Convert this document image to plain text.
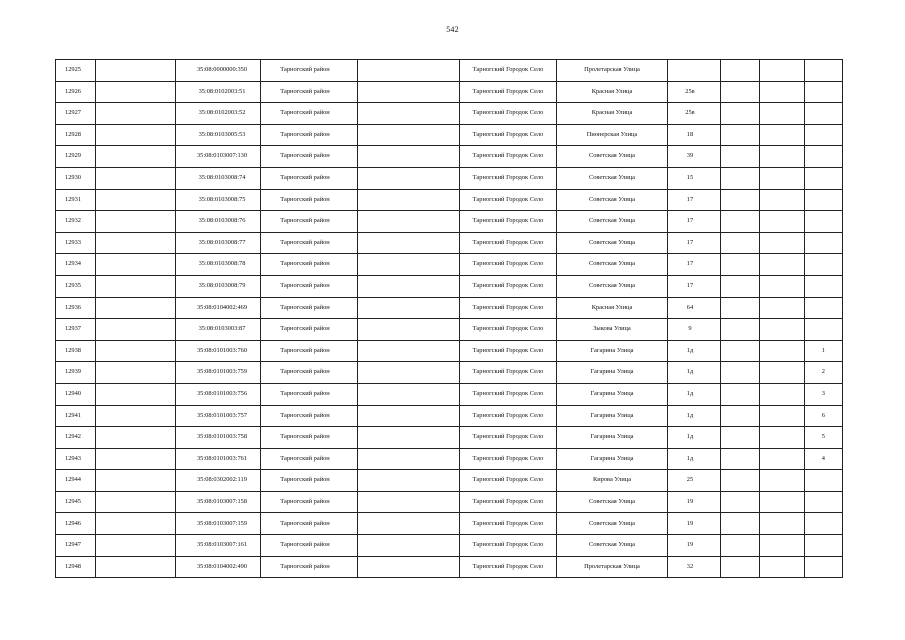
542
12925		35:08:0000000:350	Тарногский район		Тарногский Городок Село	Пролетарская Улица				
12926		35:08:0102003:51	Тарногский район		Тарногский Городок Село	Красная Улица	25в			
12927		35:08:0102003:52	Тарногский район		Тарногский Городок Село	Красная Улица	25в			
12928		35:08:0103005:53	Тарногский район		Тарногский Городок Село	Пионерская Улица	18			
12929		35:08:0103007:130	Тарногский район		Тарногский Городок Село	Советская Улица	39			
12930		35:08:0103008:74	Тарногский район		Тарногский Городок Село	Советская Улица	15			
12931		35:08:0103008:75	Тарногский район		Тарногский Городок Село	Советская Улица	17			
12932		35:08:0103008:76	Тарногский район		Тарногский Городок Село	Советская Улица	17			
12933		35:08:0103008:77	Тарногский район		Тарногский Городок Село	Советская Улица	17			
12934		35:08:0103008:78	Тарногский район		Тарногский Городок Село	Советская Улица	17			
12935		35:08:0103008:79	Тарногский район		Тарногский Городок Село	Советская Улица	17			
12936		35:08:0104002:469	Тарногский район		Тарногский Городок Село	Красная Улица	64			
12937		35:08:0103003:87	Тарногский район		Тарногский Городок Село	Зыкова Улица	9			
12938		35:08:0101003:760	Тарногский район		Тарногский Городок Село	Гагарина Улица	1д			1
12939		35:08:0101003:759	Тарногский район		Тарногский Городок Село	Гагарина Улица	1д			2
12940		35:08:0101003:756	Тарногский район		Тарногский Городок Село	Гагарина Улица	1д			3
12941		35:08:0101003:757	Тарногский район		Тарногский Городок Село	Гагарина Улица	1д			6
12942		35:08:0101003:758	Тарногский район		Тарногский Городок Село	Гагарина Улица	1д			5
12943		35:08:0101003:761	Тарногский район		Тарногский Городок Село	Гагарина Улица	1д			4
12944		35:08:0302002:119	Тарногский район		Тарногский Городок Село	Кирова Улица	25			
12945		35:08:0103007:158	Тарногский район		Тарногский Городок Село	Советская Улица	19			
12946		35:08:0103007:159	Тарногский район		Тарногский Городок Село	Советская Улица	19			
12947		35:08:0103007:161	Тарногский район		Тарногский Городок Село	Советская Улица	19			
12948		35:08:0104002:490	Тарногский район		Тарногский Городок Село	Пролетарская Улица	32			
